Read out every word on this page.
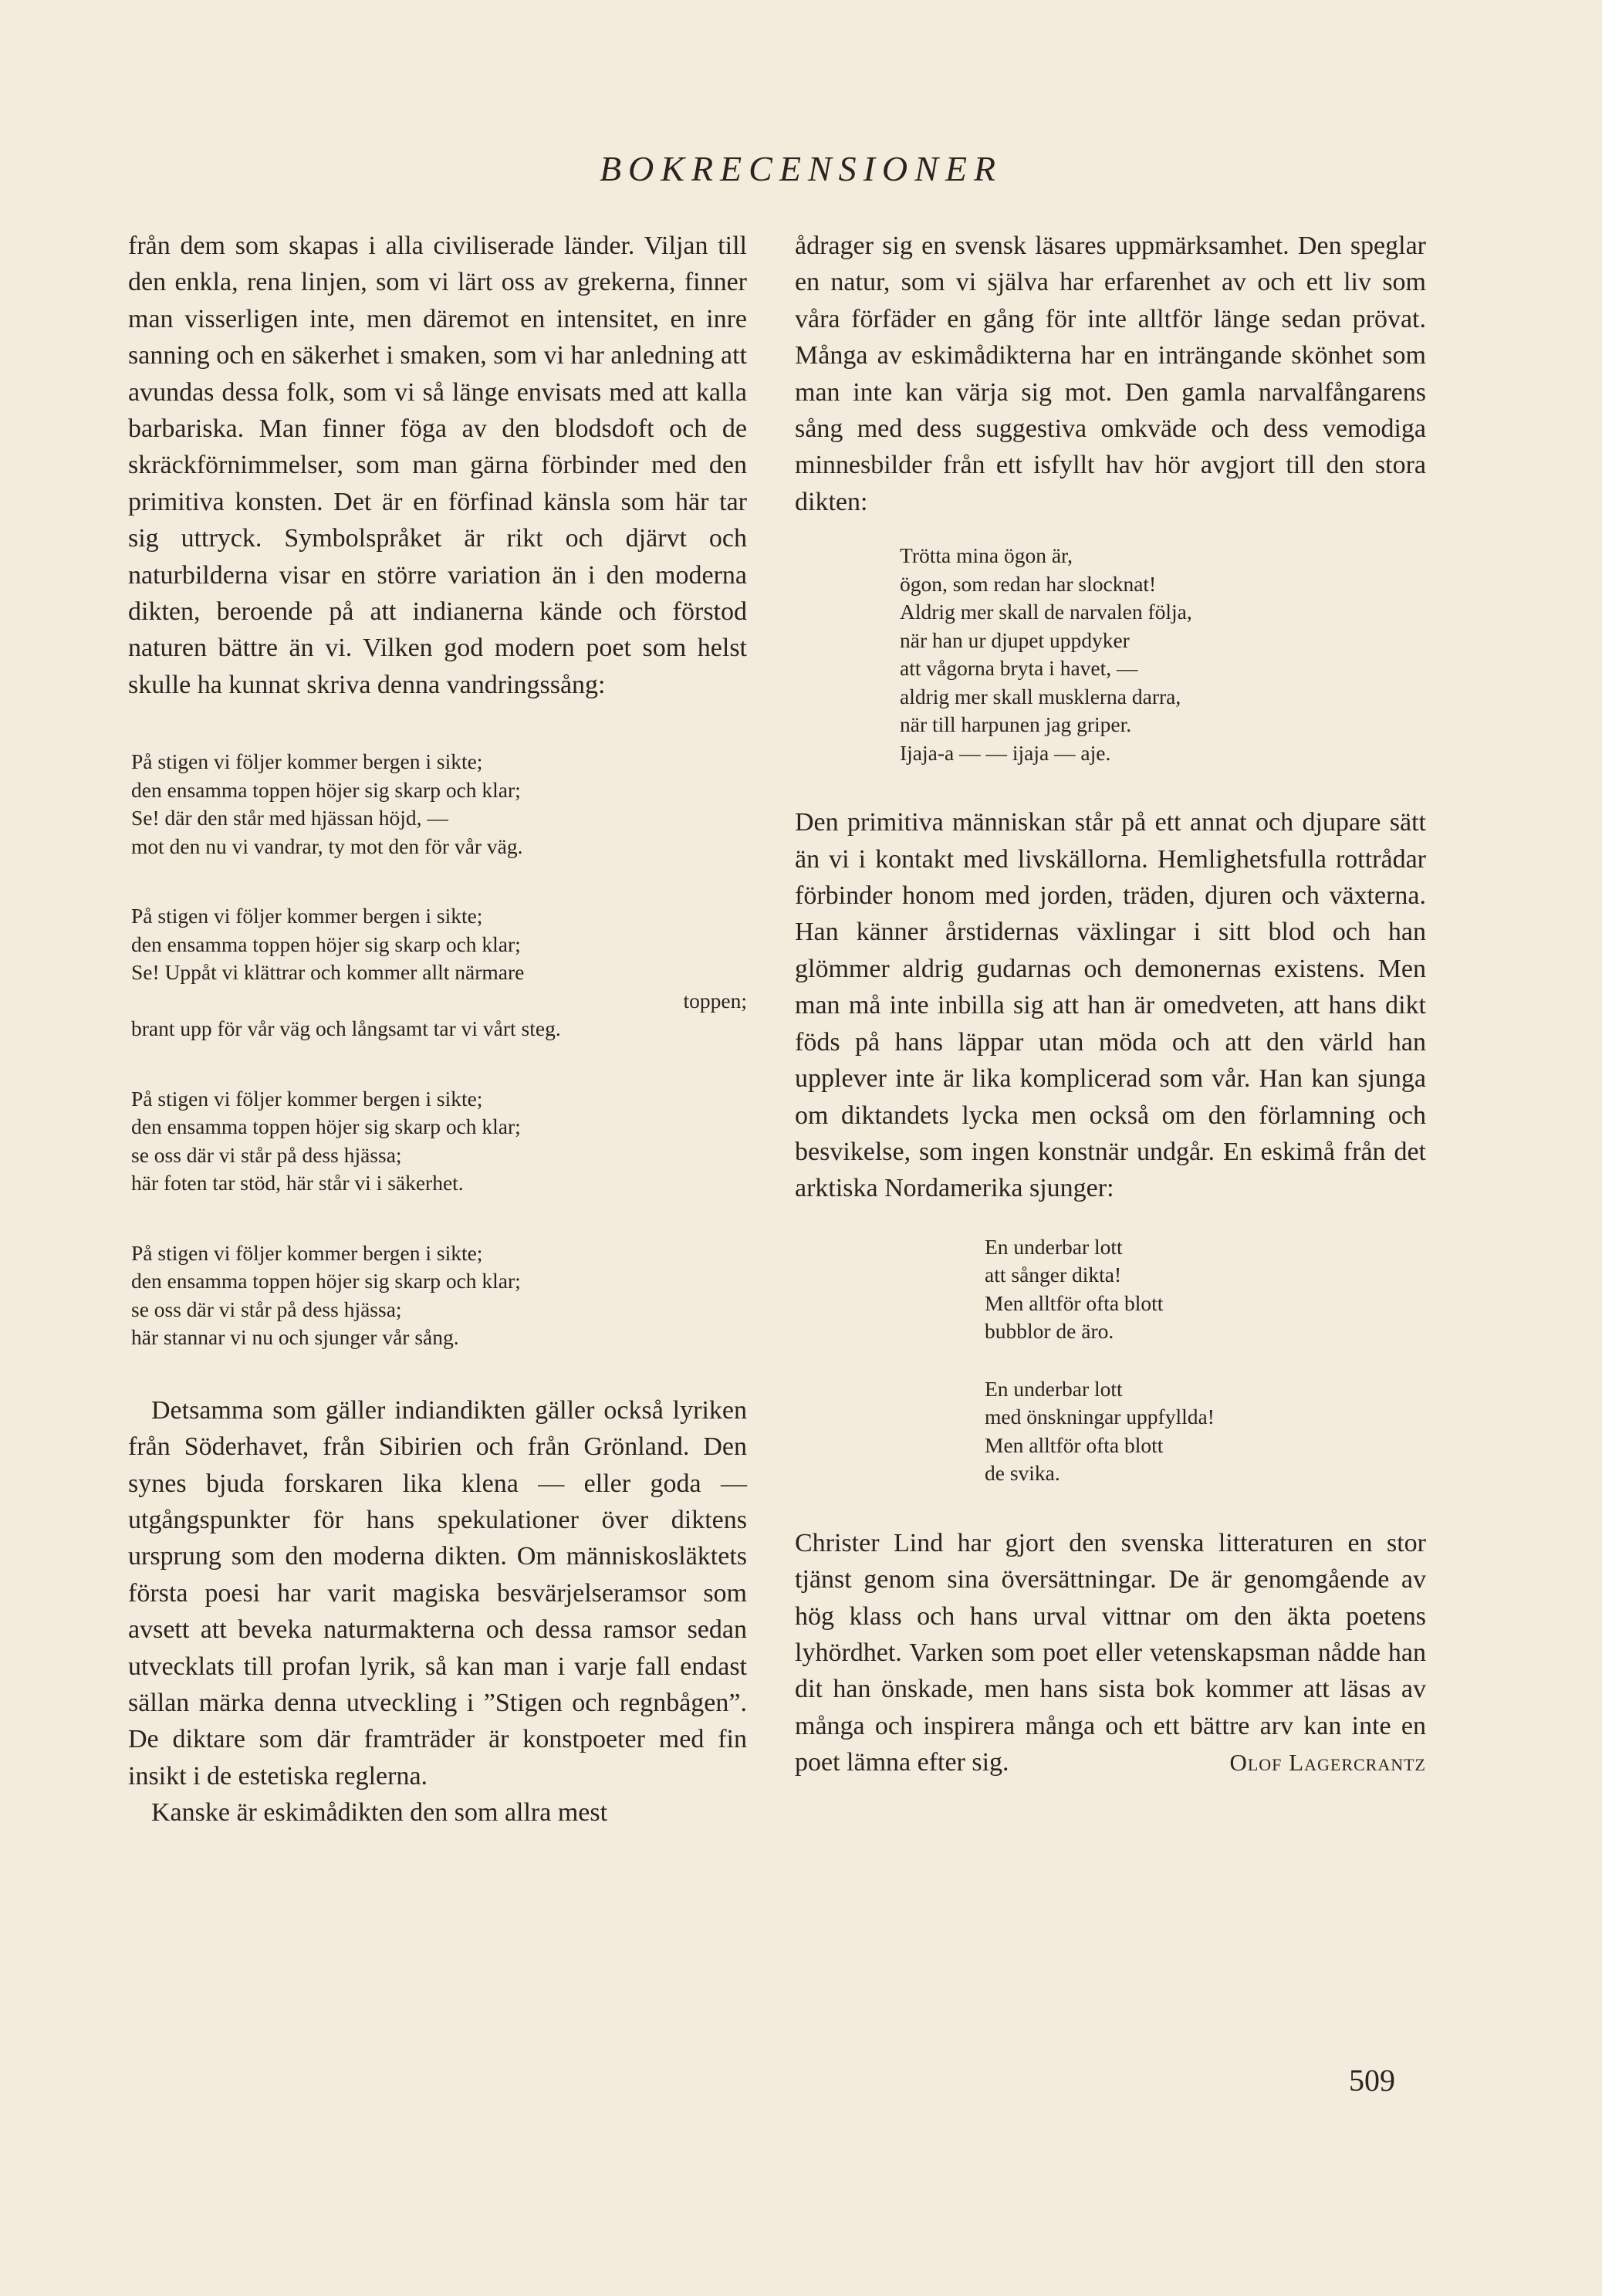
BOKRECENSIONER

från dem som skapas i alla civiliserade länder. Viljan till den enkla, rena linjen, som vi lärt oss av grekerna, finner man visserligen inte, men däremot en intensitet, en inre sanning och en säkerhet i smaken, som vi har anledning att avundas dessa folk, som vi så länge envisats med att kalla barbariska. Man finner föga av den blodsdoft och de skräckförnimmelser, som man gärna förbinder med den primitiva konsten. Det är en förfinad känsla som här tar sig uttryck. Symbolspråket är rikt och djärvt och naturbilderna visar en större variation än i den moderna dikten, beroende på att indianerna kände och förstod naturen bättre än vi. Vilken god modern poet som helst skulle ha kunnat skriva denna vandringssång:

På stigen vi följer kommer bergen i sikte;
den ensamma toppen höjer sig skarp och klar;
Se! där den står med hjässan höjd, —
mot den nu vi vandrar, ty mot den för vår väg.
På stigen vi följer kommer bergen i sikte;
den ensamma toppen höjer sig skarp och klar;
Se! Uppåt vi klättrar och kommer allt närmare
toppen;
brant upp för vår väg och långsamt tar vi vårt steg.
På stigen vi följer kommer bergen i sikte;
den ensamma toppen höjer sig skarp och klar;
se oss där vi står på dess hjässa;
här foten tar stöd, här står vi i säkerhet.
På stigen vi följer kommer bergen i sikte;
den ensamma toppen höjer sig skarp och klar;
se oss där vi står på dess hjässa;
här stannar vi nu och sjunger vår sång.

Detsamma som gäller indiandikten gäller också lyriken från Söderhavet, från Sibirien och från Grönland. Den synes bjuda forskaren lika klena — eller goda — utgångspunkter för hans spekulationer över diktens ursprung som den moderna dikten. Om människosläktets första poesi har varit magiska besvärjelseramsor som avsett att beveka naturmakterna och dessa ramsor sedan utvecklats till profan lyrik, så kan man i varje fall endast sällan märka denna utveckling i ”Stigen och regnbågen”. De diktare som där framträder är konstpoeter med fin insikt i de estetiska reglerna.

Kanske är eskimådikten den som allra mest

ådrager sig en svensk läsares uppmärksamhet. Den speglar en natur, som vi själva har erfarenhet av och ett liv som våra förfäder en gång för inte alltför länge sedan prövat. Många av eskimådikterna har en inträngande skönhet som man inte kan värja sig mot. Den gamla narvalfångarens sång med dess suggestiva omkväde och dess vemodiga minnesbilder från ett isfyllt hav hör avgjort till den stora dikten:

Trötta mina ögon är,
ögon, som redan har slocknat!
Aldrig mer skall de narvalen följa,
när han ur djupet uppdyker
att vågorna bryta i havet, —
aldrig mer skall musklerna darra,
när till harpunen jag griper.
Ijaja-a — — ijaja — aje.

Den primitiva människan står på ett annat och djupare sätt än vi i kontakt med livskällorna. Hemlighetsfulla rottrådar förbinder honom med jorden, träden, djuren och växterna. Han känner årstidernas växlingar i sitt blod och han glömmer aldrig gudarnas och demonernas existens. Men man må inte inbilla sig att han är omedveten, att hans dikt föds på hans läppar utan möda och att den värld han upplever inte är lika komplicerad som vår. Han kan sjunga om diktandets lycka men också om den förlamning och besvikelse, som ingen konstnär undgår. En eskimå från det arktiska Nordamerika sjunger:

En underbar lott
att sånger dikta!
Men alltför ofta blott
bubblor de äro.
En underbar lott
med önskningar uppfyllda!
Men alltför ofta blott
de svika.

Christer Lind har gjort den svenska litteraturen en stor tjänst genom sina översättningar. De är genomgående av hög klass och hans urval vittnar om den äkta poetens lyhördhet. Varken som poet eller vetenskapsman nådde han dit han önskade, men hans sista bok kommer att läsas av många och inspirera många och ett bättre arv kan inte en poet lämna efter sig.	Olof Lagercrantz

509
